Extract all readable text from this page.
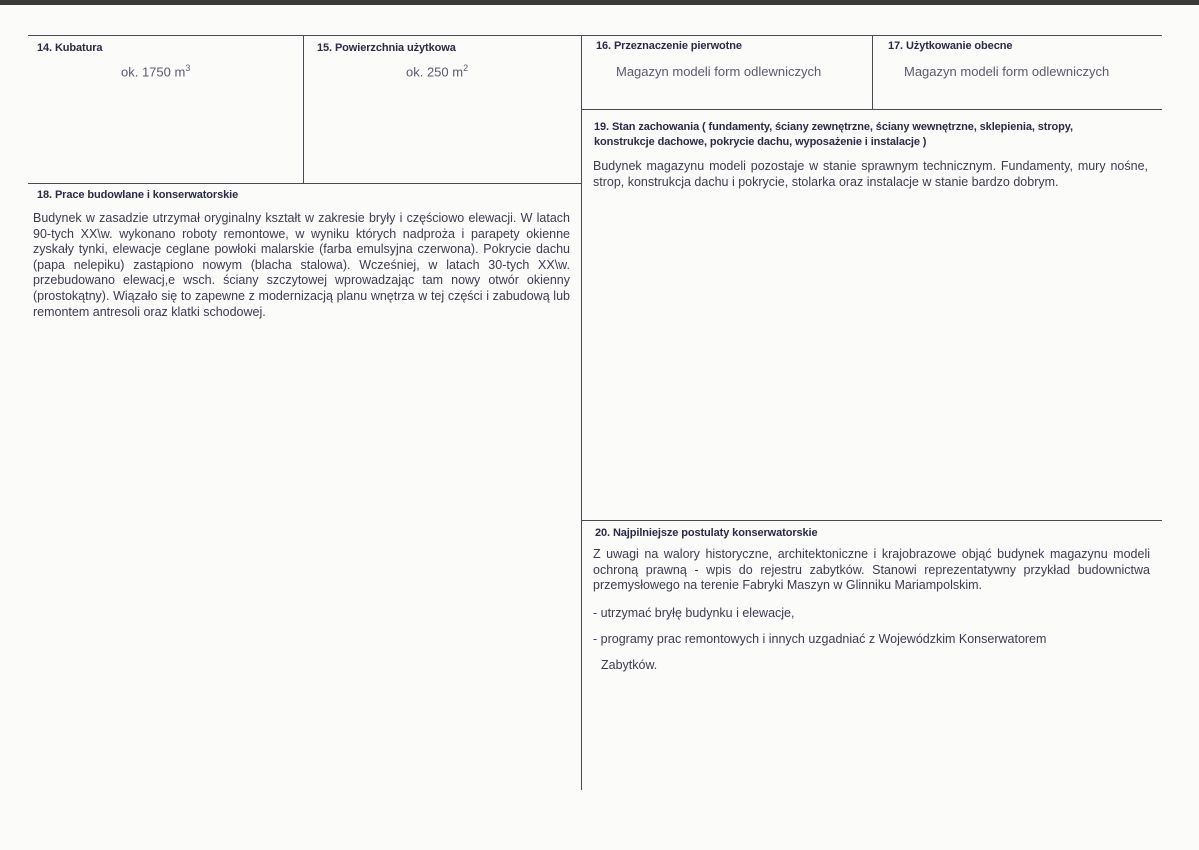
14. Kubatura
ok. 1750 $m^3$
15. Powierzchnia użytkowa
ok. 250 $m^2$
16. Przeznaczenie pierwotne
Magazyn modeli form odlewniczych
17. Użytkowanie obecne
Magazyn modeli form odlewniczych
19. Stan zachowania ( fundamenty, ściany zewnętrzne, ściany wewnętrzne, sklepienia, stropy, konstrukcje dachowe, pokrycie dachu, wyposażenie i instalacje )
Budynek magazynu modeli pozostaje w stanie sprawnym technicznym. Fundamenty, mury nośne, strop, konstrukcja dachu i pokrycie, stolarka oraz instalacje w stanie bardzo dobrym.
18. Prace budowlane i konserwatorskie
Budynek w zasadzie utrzymał oryginalny kształt w zakresie bryły i częściowo elewacji. W latach 90-tych XX\w. wykonano roboty remontowe, w wyniku których nadproża i parapety okienne zyskały tynki, elewacje ceglane powłoki malarskie (farba emulsyjna czerwona). Pokrycie dachu (papa nelepiku) zastąpiono nowym (blacha stalowa). Wcześniej, w latach 30-tych XX\w. przebudowano elewacj,e wsch. ściany szczytowej wprowadzając tam nowy otwór okienny (prostokątny). Wiązało się to zapewne z modernizacją planu wnętrza w tej części i zabudową lub remontem antresoli oraz klatki schodowej.
20. Najpilniejsze postulaty konserwatorskie
Z uwagi na walory historyczne, architektoniczne i krajobrazowe objąć budynek magazynu modeli ochroną prawną - wpis do rejestru zabytków. Stanowi reprezentatywny przykład budownictwa przemysłowego na terenie Fabryki Maszyn w Glinniku Mariampolskim.
- utrzymać bryłę budynku i elewacje,
- programy prac remontowych i innych uzgadniać z Wojewódzkim Konserwatorem
Zabytków.
